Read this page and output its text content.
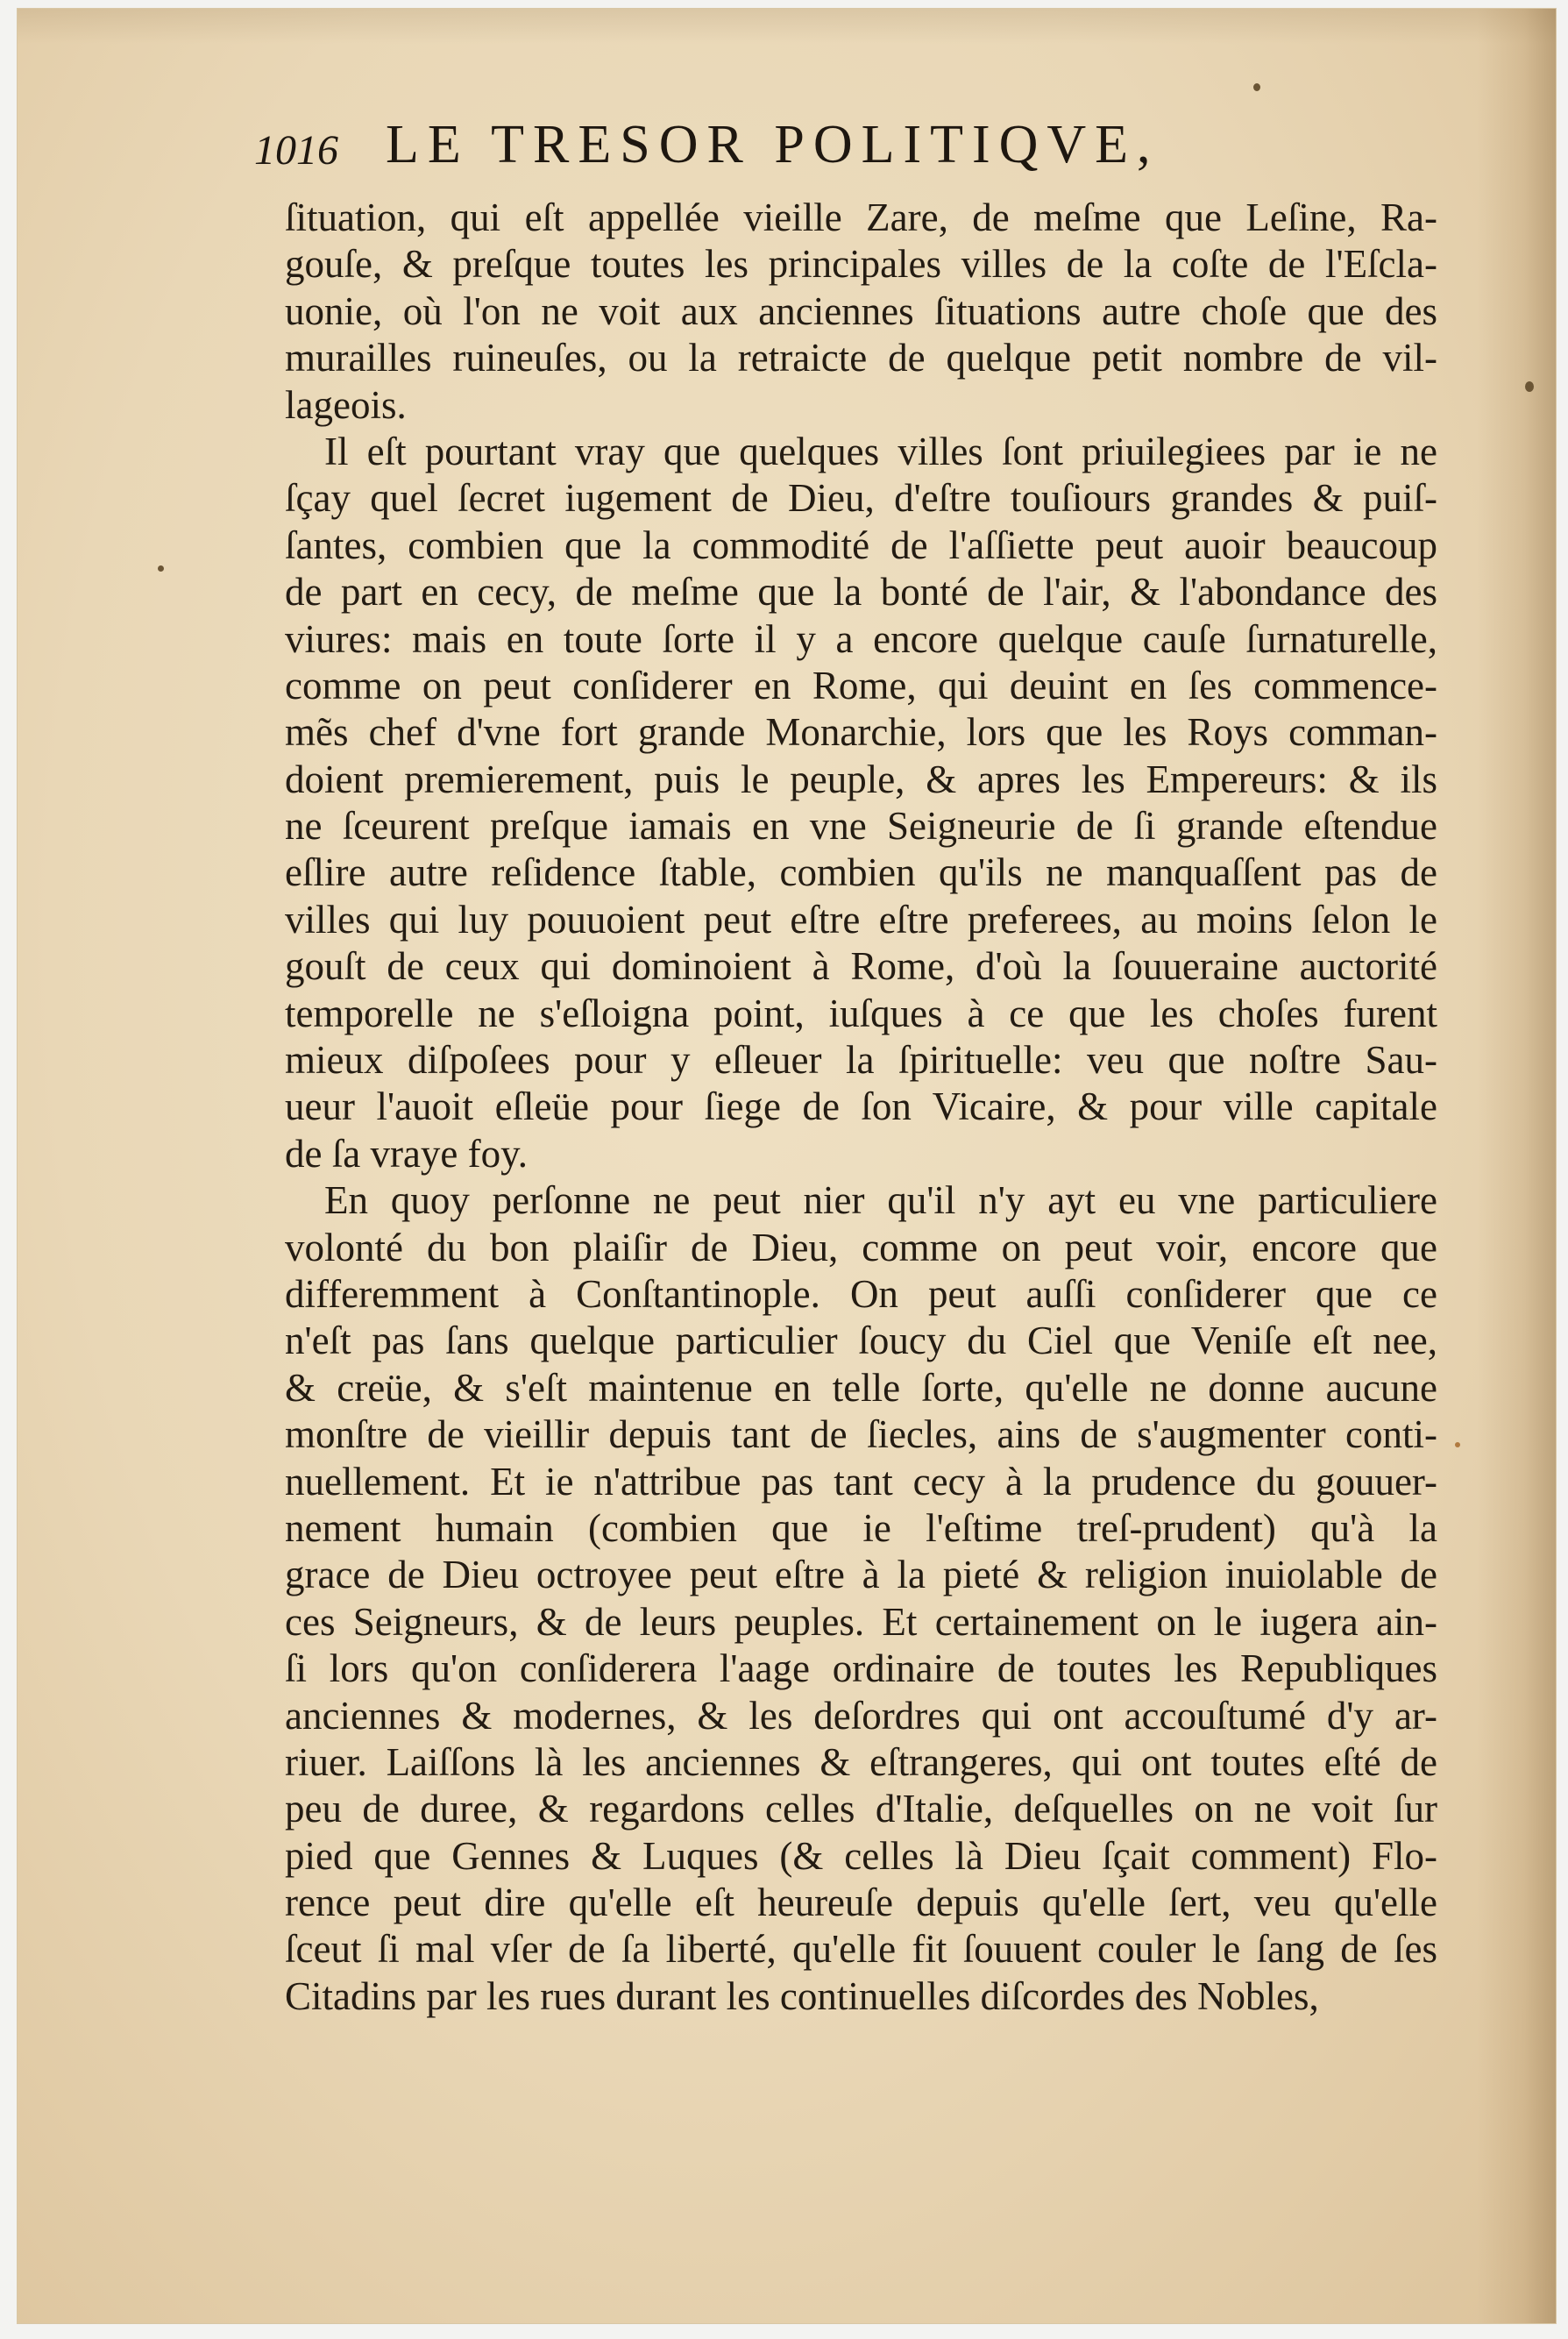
1016 LE TRESOR POLITIQVE,
ſituation, qui eſt appellée vieille Zare, de meſme que Leſine, Ra-
gouſe, & preſque toutes les principales villes de la coſte de l'Eſcla-
uonie, où l'on ne voit aux anciennes ſituations autre choſe que des
murailles ruineuſes, ou la retraicte de quelque petit nombre de vil-
lageois.
Il eſt pourtant vray que quelques villes ſont priuilegiees par ie ne
ſçay quel ſecret iugement de Dieu, d'eſtre touſiours grandes & puiſ-
ſantes, combien que la commodité de l'aſſiette peut auoir beaucoup
de part en cecy, de meſme que la bonté de l'air, & l'abondance des
viures: mais en toute ſorte il y a encore quelque cauſe ſurnaturelle,
comme on peut conſiderer en Rome, qui deuint en ſes commence-
mẽs chef d'vne fort grande Monarchie, lors que les Roys comman-
doient premierement, puis le peuple, & apres les Empereurs: & ils
ne ſceurent preſque iamais en vne Seigneurie de ſi grande eſtendue
eſlire autre reſidence ſtable, combien qu'ils ne manquaſſent pas de
villes qui luy pouuoient peut eſtre eſtre preferees, au moins ſelon le
gouſt de ceux qui dominoient à Rome, d'où la ſouueraine auctorité
temporelle ne s'eſloigna point, iuſques à ce que les choſes furent
mieux diſpoſees pour y eſleuer la ſpirituelle: veu que noſtre Sau-
ueur l'auoit eſleüe pour ſiege de ſon Vicaire, & pour ville capitale
de ſa vraye foy.
En quoy perſonne ne peut nier qu'il n'y ayt eu vne particuliere
volonté du bon plaiſir de Dieu, comme on peut voir, encore que
differemment à Conſtantinople. On peut auſſi conſiderer que ce
n'eſt pas ſans quelque particulier ſoucy du Ciel que Veniſe eſt nee,
& creüe, & s'eſt maintenue en telle ſorte, qu'elle ne donne aucune
monſtre de vieillir depuis tant de ſiecles, ains de s'augmenter conti-
nuellement. Et ie n'attribue pas tant cecy à la prudence du gouuer-
nement humain (combien que ie l'eſtime treſ-prudent) qu'à la
grace de Dieu octroyee peut eſtre à la pieté & religion inuiolable de
ces Seigneurs, & de leurs peuples. Et certainement on le iugera ain-
ſi lors qu'on conſiderera l'aage ordinaire de toutes les Republiques
anciennes & modernes, & les deſordres qui ont accouſtumé d'y ar-
riuer. Laiſſons là les anciennes & eſtrangeres, qui ont toutes eſté de
peu de duree, & regardons celles d'Italie, deſquelles on ne voit ſur
pied que Gennes & Luques (& celles là Dieu ſçait comment) Flo-
rence peut dire qu'elle eſt heureuſe depuis qu'elle ſert, veu qu'elle
ſceut ſi mal vſer de ſa liberté, qu'elle fit ſouuent couler le ſang de ſes
Citadins par les rues durant les continuelles diſcordes des Nobles,
